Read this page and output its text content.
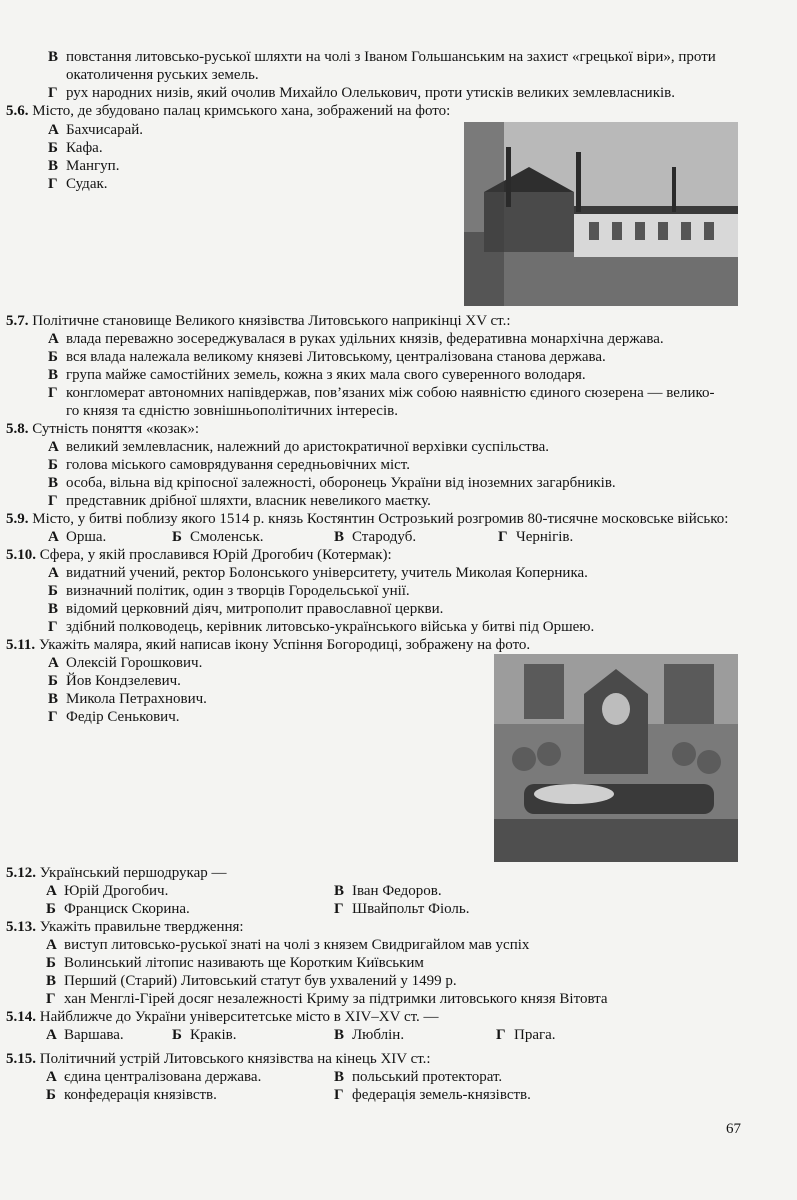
В повстання литовсько-руської шляхти на чолі з Іваном Гольшанським на захист «грецької віри», проти
окатоличення руських земель.
Г рух народних низів, який очолив Михайло Олелькович, проти утисків великих землевласників.
5.6. Місто, де збудовано палац кримського хана, зображений на фото:
А Бахчисарай.
Б Кафа.
В Мангуп.
Г Судак.
5.7. Політичне становище Великого князівства Литовського наприкінці XV ст.:
А влада переважно зосереджувалася в руках удільних князів, федеративна монархічна держава.
Б вся влада належала великому князеві Литовському, централізована станова держава.
В група майже самостійних земель, кожна з яких мала свого суверенного володаря.
Г конгломерат автономних напівдержав, пов’язаних між собою наявністю єдиного сюзерена — велико-
го князя та єдністю зовнішньополітичних інтересів.
5.8. Сутність поняття «козак»:
А великий землевласник, належний до аристократичної верхівки суспільства.
Б голова міського самоврядування середньовічних міст.
В особа, вільна від кріпосної залежності, оборонець України від іноземних загарбників.
Г представник дрібної шляхти, власник невеликого маєтку.
5.9. Місто, у битві поблизу якого 1514 р. князь Костянтин Острозький розгромив 80-тисячне московське військо:
А Орша.	Б Смоленськ.	В Стародуб.	Г Чернігів.
5.10. Сфера, у якій прославився Юрій Дрогобич (Котермак):
А видатний учений, ректор Болонського університету, учитель Миколая Коперника.
Б визначний політик, один з творців Городельської унії.
В відомий церковний діяч, митрополит православної церкви.
Г здібний полководець, керівник литовсько-українського війська у битві під Оршею.
5.11. Укажіть маляра, який написав ікону Успіння Богородиці, зображену на фото.
А Олексій Горошкович.
Б Йов Кондзелевич.
В Микола Петрахнович.
Г Федір Сенькович.
5.12. Український першодрукар —
А Юрій Дрогобич.	В Іван Федоров.
Б Франциск Скорина.	Г Швайпольт Фіоль.
5.13. Укажіть правильне твердження:
А виступ литовсько-руської знаті на чолі з князем Свидригайлом мав успіх
Б Волинський літопис називають ще Коротким Київським
В Перший (Старий) Литовський статут був ухвалений у 1499 р.
Г хан Менглі-Гірей досяг незалежності Криму за підтримки литовського князя Вітовта
5.14. Найближче до України університетське місто в XIV–XV ст. —
А Варшава.	Б Краків.	В Люблін.	Г Прага.
5.15. Політичний устрій Литовського князівства на кінець XIV ст.:
А єдина централізована держава.	В польський протекторат.
Б конфедерація князівств.	Г федерація земель-князівств.
67
